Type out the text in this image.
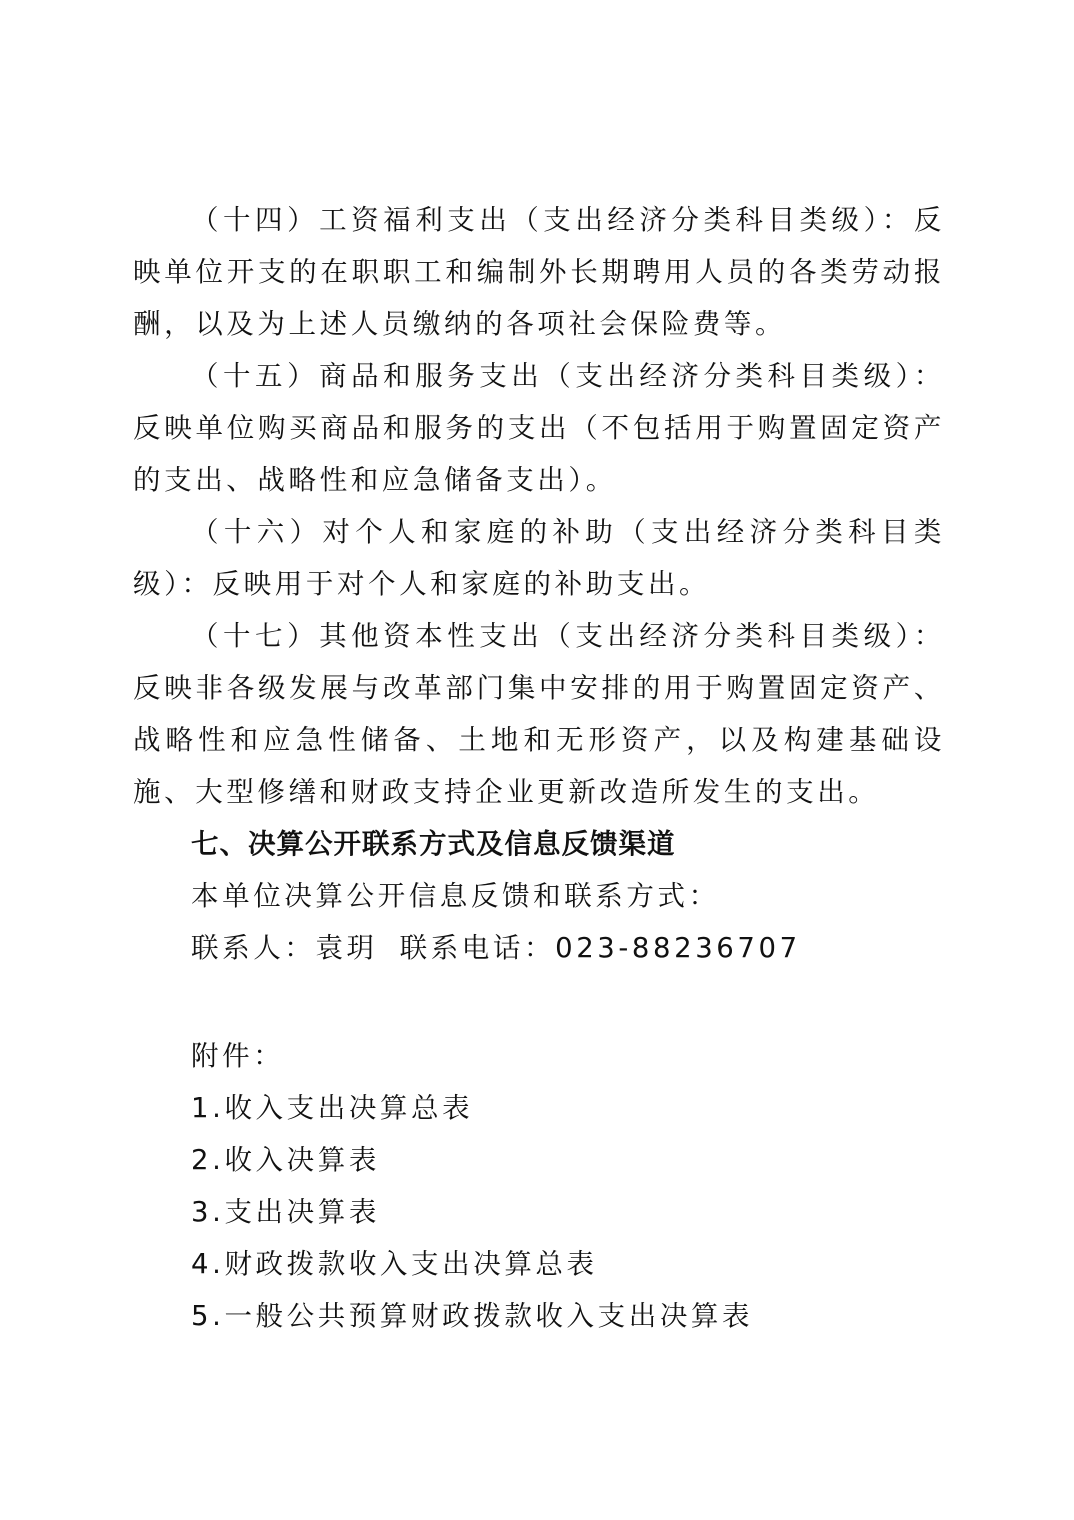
（十四）工资福利支出（支出经济分类科目类级）：反映单位开支的在职职工和编制外长期聘用人员的各类劳动报酬，以及为上述人员缴纳的各项社会保险费等。

（十五）商品和服务支出（支出经济分类科目类级）：反映单位购买商品和服务的支出（不包括用于购置固定资产的支出、战略性和应急储备支出）。

（十六）对个人和家庭的补助（支出经济分类科目类级）：反映用于对个人和家庭的补助支出。

（十七）其他资本性支出（支出经济分类科目类级）：反映非各级发展与改革部门集中安排的用于购置固定资产、战略性和应急性储备、土地和无形资产，以及构建基础设施、大型修缮和财政支持企业更新改造所发生的支出。

七、决算公开联系方式及信息反馈渠道

本单位决算公开信息反馈和联系方式：

联系人：袁玥 联系电话：023-88236707

附件：

1.收入支出决算总表

2.收入决算表

3.支出决算表

4.财政拨款收入支出决算总表

5.一般公共预算财政拨款收入支出决算表
